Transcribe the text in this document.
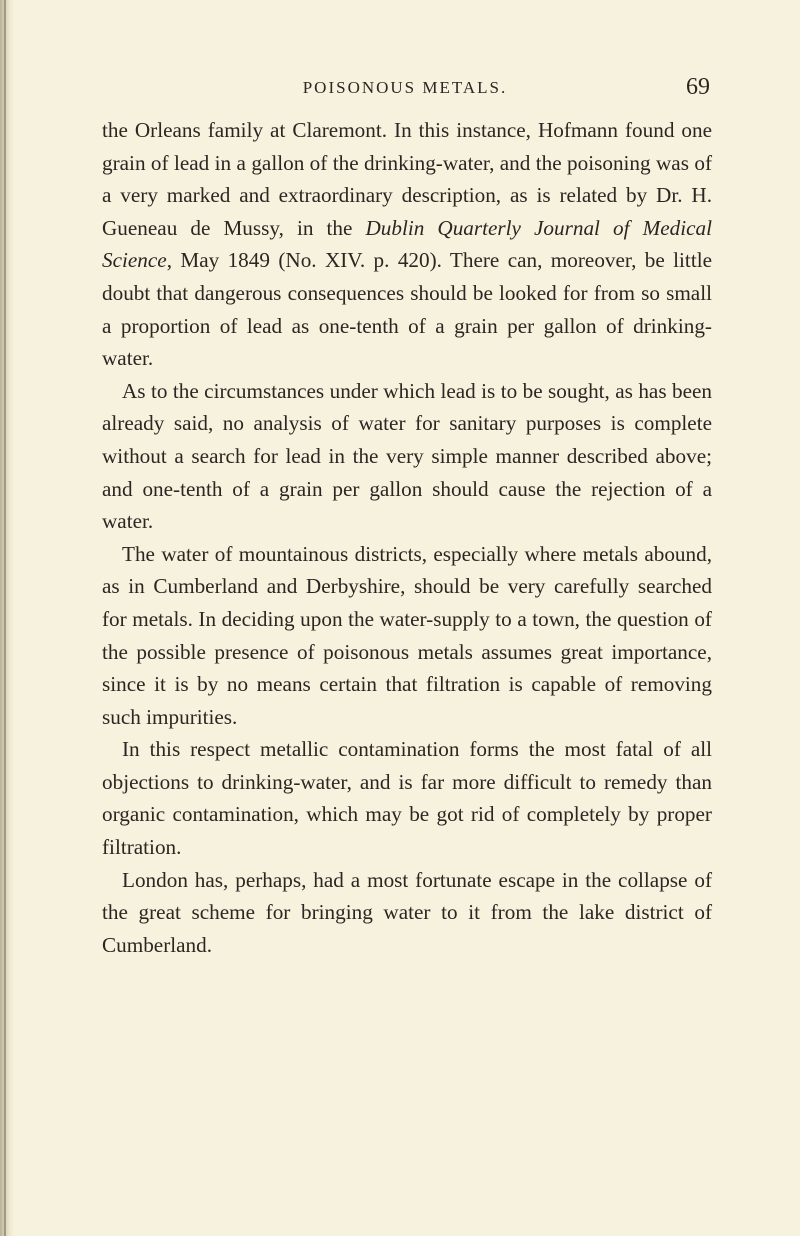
POISONOUS METALS.	69

the Orleans family at Claremont. In this instance, Hofmann found one grain of lead in a gallon of the drinking-water, and the poisoning was of a very marked and extraordinary description, as is related by Dr. H. Gueneau de Mussy, in the Dublin Quarterly Journal of Medical Science, May 1849 (No. XIV. p. 420). There can, moreover, be little doubt that dangerous consequences should be looked for from so small a proportion of lead as one-tenth of a grain per gallon of drinking-water.

As to the circumstances under which lead is to be sought, as has been already said, no analysis of water for sanitary purposes is complete without a search for lead in the very simple manner described above; and one-tenth of a grain per gallon should cause the rejection of a water.

The water of mountainous districts, especially where metals abound, as in Cumberland and Derbyshire, should be very carefully searched for metals. In deciding upon the water-supply to a town, the question of the possible presence of poisonous metals assumes great importance, since it is by no means certain that filtration is capable of removing such impurities.

In this respect metallic contamination forms the most fatal of all objections to drinking-water, and is far more difficult to remedy than organic contamination, which may be got rid of completely by proper filtration.

London has, perhaps, had a most fortunate escape in the collapse of the great scheme for bringing water to it from the lake district of Cumberland.
